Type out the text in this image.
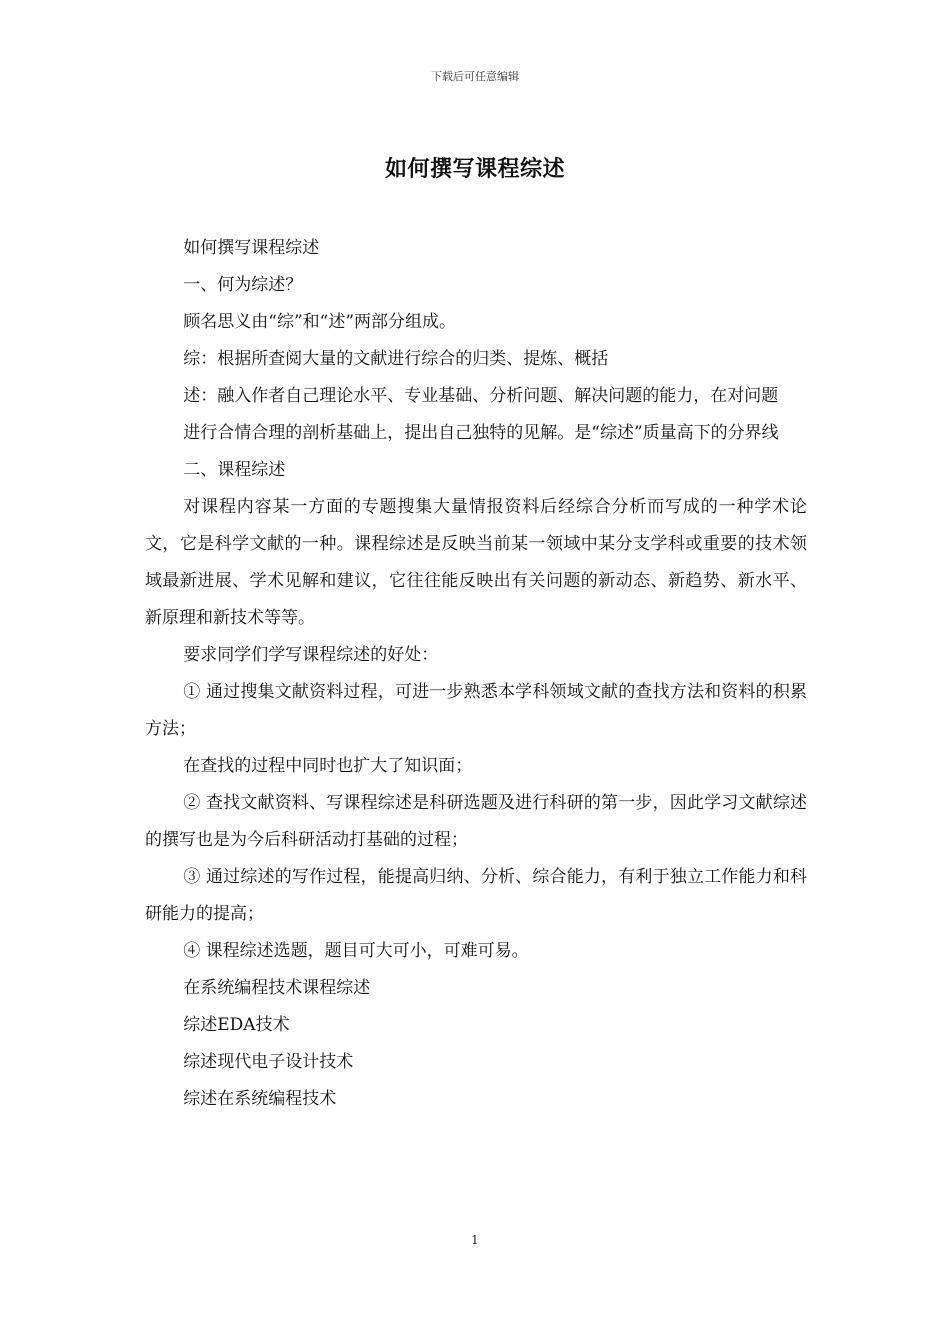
下载后可任意编辑
如何撰写课程综述

如何撰写课程综述

一、何为综述？

顾名思义由“综”和“述”两部分组成。

综：根据所查阅大量的文献进行综合的归类、提炼、概括

述：融入作者自己理论水平、专业基础、分析问题、解决问题的能力，在对问题

进行合情合理的剖析基础上，提出自己独特的见解。是“综述”质量高下的分界线

二、课程综述

对课程内容某一方面的专题搜集大量情报资料后经综合分析而写成的一种学术论文，它是科学文献的一种。课程综述是反映当前某一领域中某分支学科或重要的技术领域最新进展、学术见解和建议，它往往能反映出有关问题的新动态、新趋势、新水平、新原理和新技术等等。

要求同学们学写课程综述的好处：

① 通过搜集文献资料过程，可进一步熟悉本学科领域文献的查找方法和资料的积累方法；

在查找的过程中同时也扩大了知识面；

② 查找文献资料、写课程综述是科研选题及进行科研的第一步，因此学习文献综述的撰写也是为今后科研活动打基础的过程；

③ 通过综述的写作过程，能提高归纳、分析、综合能力，有利于独立工作能力和科研能力的提高；

④ 课程综述选题，题目可大可小，可难可易。

在系统编程技术课程综述

综述EDA技术

综述现代电子设计技术

综述在系统编程技术

1
